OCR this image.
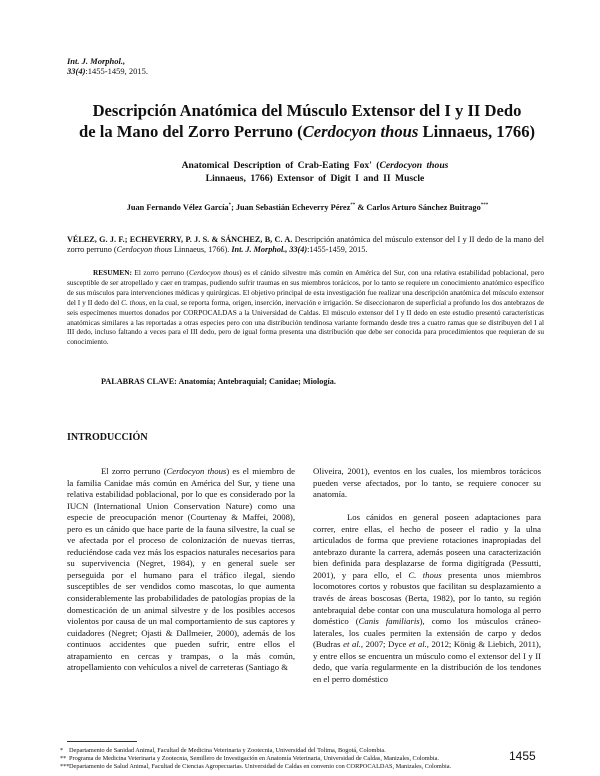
Int. J. Morphol.,
33(4):1455-1459, 2015.
Descripción Anatómica del Músculo Extensor del I y II Dedo
de la Mano del Zorro Perruno (Cerdocyon thous Linnaeus, 1766)
Anatomical Description of Crab-Eating Fox' (Cerdocyon thous
Linnaeus, 1766) Extensor of Digit I and II Muscle
Juan Fernando Vélez García*; Juan Sebastián Echeverry Pérez** & Carlos Arturo Sánchez Buitrago***
VÉLEZ, G. J. F.; ECHEVERRY, P. J. S. & SÁNCHEZ, B, C. A. Descripción anatómica del músculo extensor del I y II dedo de la mano del zorro perruno (Cerdocyon thous Linnaeus, 1766). Int. J. Morphol., 33(4):1455-1459, 2015.

RESUMEN: El zorro perruno (Cerdocyon thous) es el cánido silvestre más común en América del Sur, con una relativa estabilidad poblacional, pero susceptible de ser atropellado y caer en trampas, pudiendo sufrir traumas en sus miembros torácicos, por lo tanto se requiere un conocimiento anatómico específico de sus músculos para intervenciones médicas y quirúrgicas. El objetivo principal de esta investigación fue realizar una descripción anatómica del músculo extensor del I y II dedo del C. thous, en la cual, se reporta forma, origen, inserción, inervación e irrigación. Se diseccionaron de superficial a profundo los dos antebrazos de seis especímenes muertos donados por CORPOCALDAS a la Universidad de Caldas. El músculo extensor del I y II dedo en este estudio presentó características anatómicas similares a las reportadas a otras especies pero con una distribución tendinosa variante formando desde tres a cuatro ramas que se distribuyen del I al III dedo, incluso faltando a veces para el III dedo, pero de igual forma presenta una distribución que debe ser conocida para procedimientos que requieran de su conocimiento.

PALABRAS CLAVE: Anatomía; Antebraquial; Canidae; Miología.
INTRODUCCIÓN

El zorro perruno (Cerdocyon thous) es el miembro de la familia Canidae más común en América del Sur, y tiene una relativa estabilidad poblacional, por lo que es considerado por la IUCN (International Union Conservation Nature) como una especie de preocupación menor (Courtenay & Maffei, 2008), pero es un cánido que hace parte de la fauna silvestre, la cual se ve afectada por el proceso de colonización de nuevas tierras, reduciéndose cada vez más los espacios naturales necesarios para su supervivencia (Negret, 1984), y en general suele ser perseguida por el humano para el tráfico ilegal, siendo susceptibles de ser vendidos como mascotas, lo que aumenta considerablemente las probabilidades de patologías propias de la domesticación de un animal silvestre y de los posibles accesos violentos por causa de un mal comportamiento de sus captores y cuidadores (Negret; Ojasti & Dallmeier, 2000), además de los continuos accidentes que pueden sufrir, entre ellos el atrapamiento en cercas y trampas, o la más común, atropellamiento con vehículos a nivel de carreteras (Santiago &

Oliveira, 2001), eventos en los cuales, los miembros torácicos pueden verse afectados, por lo tanto, se requiere conocer su anatomía.

Los cánidos en general poseen adaptaciones para correr, entre ellas, el hecho de poseer el radio y la ulna articulados de forma que previene rotaciones inapropiadas del antebrazo durante la carrera, además poseen una caracterización bien definida para desplazarse de forma digitígrada (Pessutti, 2001), y para ello, el C. thous presenta unos miembros locomotores cortos y robustos que facilitan su desplazamiento a través de áreas boscosas (Berta, 1982), por lo tanto, su región antebraquial debe contar con una musculatura homologa al perro doméstico (Canis familiaris), como los músculos cráneo-laterales, los cuales permiten la extensión de carpo y dedos (Budras et al., 2007; Dyce et al., 2012; König & Liebich, 2011), y entre ellos se encuentra un músculo como el extensor del I y II dedo, que varía regularmente en la distribución de los tendones en el perro doméstico

* Departamento de Sanidad Animal, Facultad de Medicina Veterinaria y Zootecnia, Universidad del Tolima, Bogotá, Colombia.
** Programa de Medicina Veterinaria y Zootecnia, Semillero de Investigación en Anatomía Veterinaria, Universidad de Caldas, Manizales, Colombia.
***Departamento de Salud Animal, Facultad de Ciencias Agropecuarias. Universidad de Caldas en convenio con CORPOCALDAS, Manizales, Colombia.
1455
